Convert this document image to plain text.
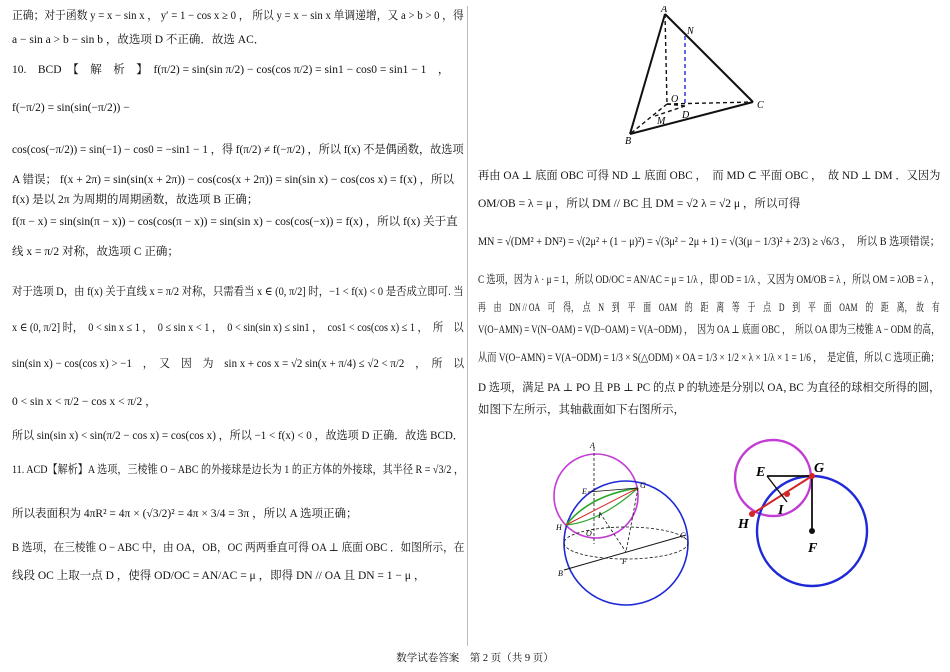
正确；对于函数 y = x − sin x ， y′ = 1 − cos x ≥ 0 ， 所以 y = x − sin x 单调递增，又 a > b > 0 ，得
a − sin a > b − sin b ，故选项 D 不正确．故选 AC．
10.　BCD　【　解　析　】　f(π/2) = sin(sin π/2) − cos(cos π/2) = sin1 − cos0 = sin1 − 1　，
f(−π/2) = sin(sin(−π/2)) −
cos(cos(−π/2)) = sin(−1) − cos0 = −sin1 − 1 ，得 f(π/2) ≠ f(−π/2) ，所以 f(x) 不是偶函数，故选项
A 错误； f(x + 2π) = sin(sin(x + 2π)) − cos(cos(x + 2π)) = sin(sin x) − cos(cos x) = f(x) ，所以
f(x) 是以 2π 为周期的周期函数，故选项 B 正确；
f(π − x) = sin(sin(π − x)) − cos(cos(π − x)) = sin(sin x) − cos(cos(−x)) = f(x) ，所以 f(x) 关于直
线 x = π/2 对称，故选项 C 正确；
对于选项 D，由 f(x) 关于直线 x = π/2 对称，只需看当 x ∈ (0, π/2] 时，−1 < f(x) < 0 是否成立即可. 当
x ∈ (0, π/2] 时，　0 < sin x ≤ 1 ，　0 ≤ sin x < 1 ，　0 < sin(sin x) ≤ sin1 ，　cos1 < cos(cos x) ≤ 1 ，　所　以
sin(sin x) − cos(cos x) > −1　，　又　因　为　sin x + cos x = √2 sin(x + π/4) ≤ √2 < π/2　，　所　以
0 < sin x < π/2 − cos x < π/2 ，
所以 sin(sin x) < sin(π/2 − cos x) = cos(cos x) ，所以 −1 < f(x) < 0 ，故选项 D 正确．故选 BCD．
11. ACD【解析】A 选项，三棱锥 O − ABC 的外接球是边长为 1 的正方体的外接球，其半径 R = √3/2 ，
所以表面积为 4πR² = 4π × (√3/2)² = 4π × 3/4 = 3π ，所以 A 选项正确；
B 选项，在三棱锥 O − ABC 中，由 OA，OB，OC 两两垂直可得 OA ⊥ 底面 OBC ．如图所示，在
线段 OC 上取一点 D ，使得 OD/OC = AN/AC = μ ，即得 DN // OA 且 DN = 1 − μ ，
A
N
O
D
C
M
B
再由 OA ⊥ 底面 OBC 可得 ND ⊥ 底面 OBC ，　而 MD ⊂ 平面 OBC ，　故 ND ⊥ DM ．又因为
OM/OB = λ = μ ，所以 DM // BC 且 DM = √2 λ = √2 μ ，所以可得
MN = √(DM² + DN²) = √(2μ² + (1 − μ)²) = √(3μ² − 2μ + 1) = √(3(μ − 1/3)² + 2/3) ≥ √6/3 ，　所以 B 选项错误；
C 选项，因为 λ · μ = 1，所以 OD/OC = AN/AC = μ = 1/λ ，即 OD = 1/λ ，又因为 OM/OB = λ ，所以 OM = λOB = λ ，
再　由　DN // OA　可　得，　点　N　到　平　面　OAM　的　距　离　等　于　点　D　到　平　面　OAM　的　距　离，　故　有
V(O−AMN) = V(N−OAM) = V(D−OAM) = V(A−ODM) ，　因为 OA ⊥ 底面 OBC ，　所以 OA 即为三棱锥 A − ODM 的高，
从而 V(O−AMN) = V(A−ODM) = 1/3 × S(△ODM) × OA = 1/3 × 1/2 × λ × 1/λ × 1 = 1/6 ，　是定值，所以 C 选项正确；
D 选项，满足 PA ⊥ PO 且 PB ⊥ PC 的点 P 的轨迹是分别以 OA, BC 为直径的球相交所得的圆，
如图下左所示，其轴截面如下右图所示，
A
E
G
H
O
I
F
C
B
E	G
H
I
F
数学试卷答案　第 2 页（共 9 页）
